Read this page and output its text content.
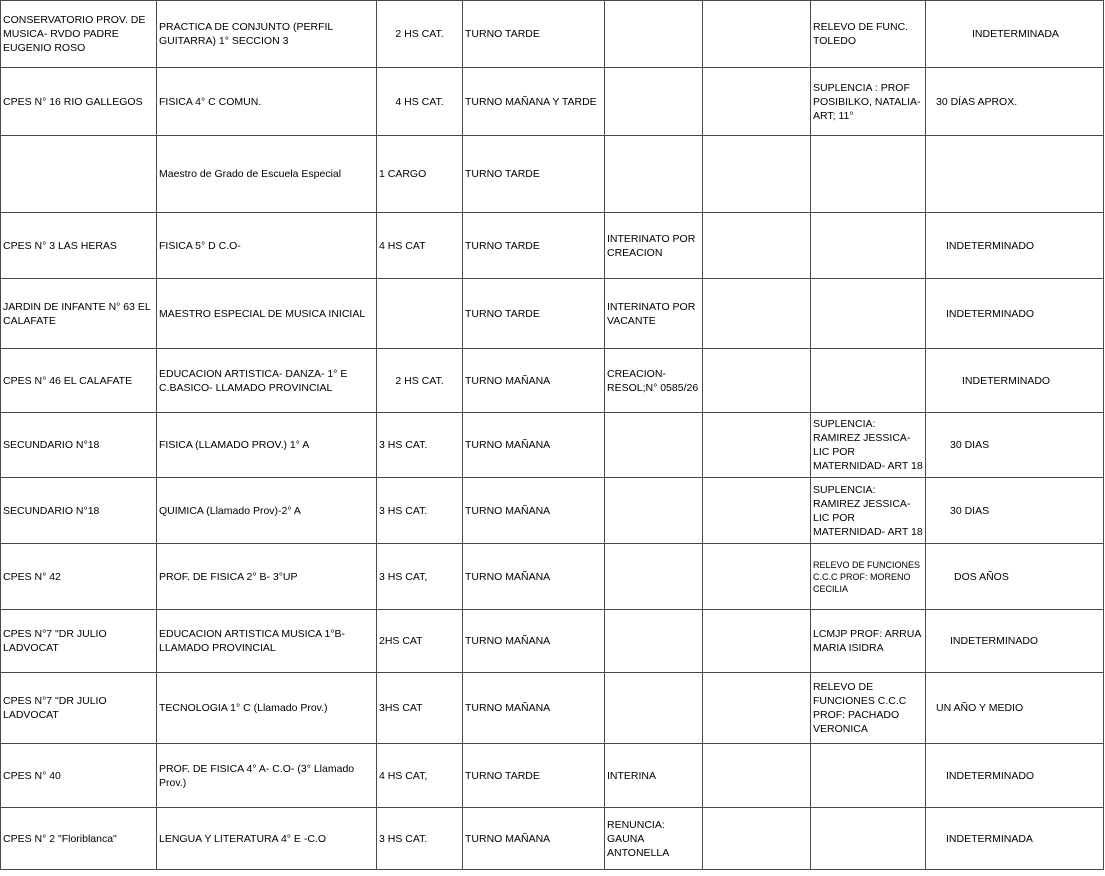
CONSERVATORIO PROV. DE MUSICA- RVDO PADRE EUGENIO ROSO	PRACTICA DE CONJUNTO (PERFIL GUITARRA) 1° SECCION 3	2 HS CAT.	TURNO TARDE			RELEVO DE FUNC. TOLEDO	INDETERMINADA
CPES N° 16 RIO GALLEGOS	FISICA 4° C COMUN.	4 HS CAT.	TURNO MAÑANA Y TARDE			SUPLENCIA : PROF POSIBILKO, NATALIA-ART; 11°	30 DÍAS APROX.
	Maestro de Grado de Escuela Especial	1 CARGO	TURNO TARDE				
CPES N° 3 LAS HERAS	FISICA 5° D C.O-	4 HS CAT	TURNO TARDE	INTERINATO POR CREACION			INDETERMINADO
JARDIN DE INFANTE N° 63 EL CALAFATE	MAESTRO ESPECIAL DE MUSICA INICIAL		TURNO TARDE	INTERINATO POR VACANTE			INDETERMINADO
CPES N° 46 EL CALAFATE	EDUCACION ARTISTICA- DANZA- 1° E C.BASICO- LLAMADO PROVINCIAL	2 HS CAT.	TURNO MAÑANA	CREACION-RESOL;N° 0585/26			INDETERMINADO
SECUNDARIO N°18	FISICA (LLAMADO PROV.) 1° A	3 HS CAT.	TURNO MAÑANA			SUPLENCIA: RAMIREZ JESSICA- LIC POR MATERNIDAD- ART 18	30 DIAS
SECUNDARIO N°18	QUIMICA (Llamado Prov)-2° A	3 HS CAT.	TURNO MAÑANA			SUPLENCIA: RAMIREZ JESSICA- LIC POR MATERNIDAD- ART 18	30 DIAS
CPES N° 42	PROF. DE FISICA 2° B- 3°UP	3 HS CAT,	TURNO MAÑANA			RELEVO DE FUNCIONES C.C.C PROF: MORENO CECILIA	DOS AÑOS
CPES N°7 "DR JULIO LADVOCAT	EDUCACION ARTISTICA MUSICA 1°B-LLAMADO PROVINCIAL	2HS CAT	TURNO MAÑANA			LCMJP PROF: ARRUA MARIA ISIDRA	INDETERMINADO
CPES N°7 "DR JULIO LADVOCAT	TECNOLOGIA 1° C (Llamado Prov.)	3HS CAT	TURNO MAÑANA			RELEVO DE FUNCIONES C.C.C PROF: PACHADO VERONICA	UN AÑO Y MEDIO
CPES N° 40	PROF. DE FISICA 4° A- C.O- (3° Llamado Prov.)	4 HS CAT,	TURNO TARDE	INTERINA			INDETERMINADO
CPES N° 2 "Floriblanca"	LENGUA Y LITERATURA 4° E -C.O	3 HS CAT.	TURNO MAÑANA	RENUNCIA: GAUNA ANTONELLA			INDETERMINADA
